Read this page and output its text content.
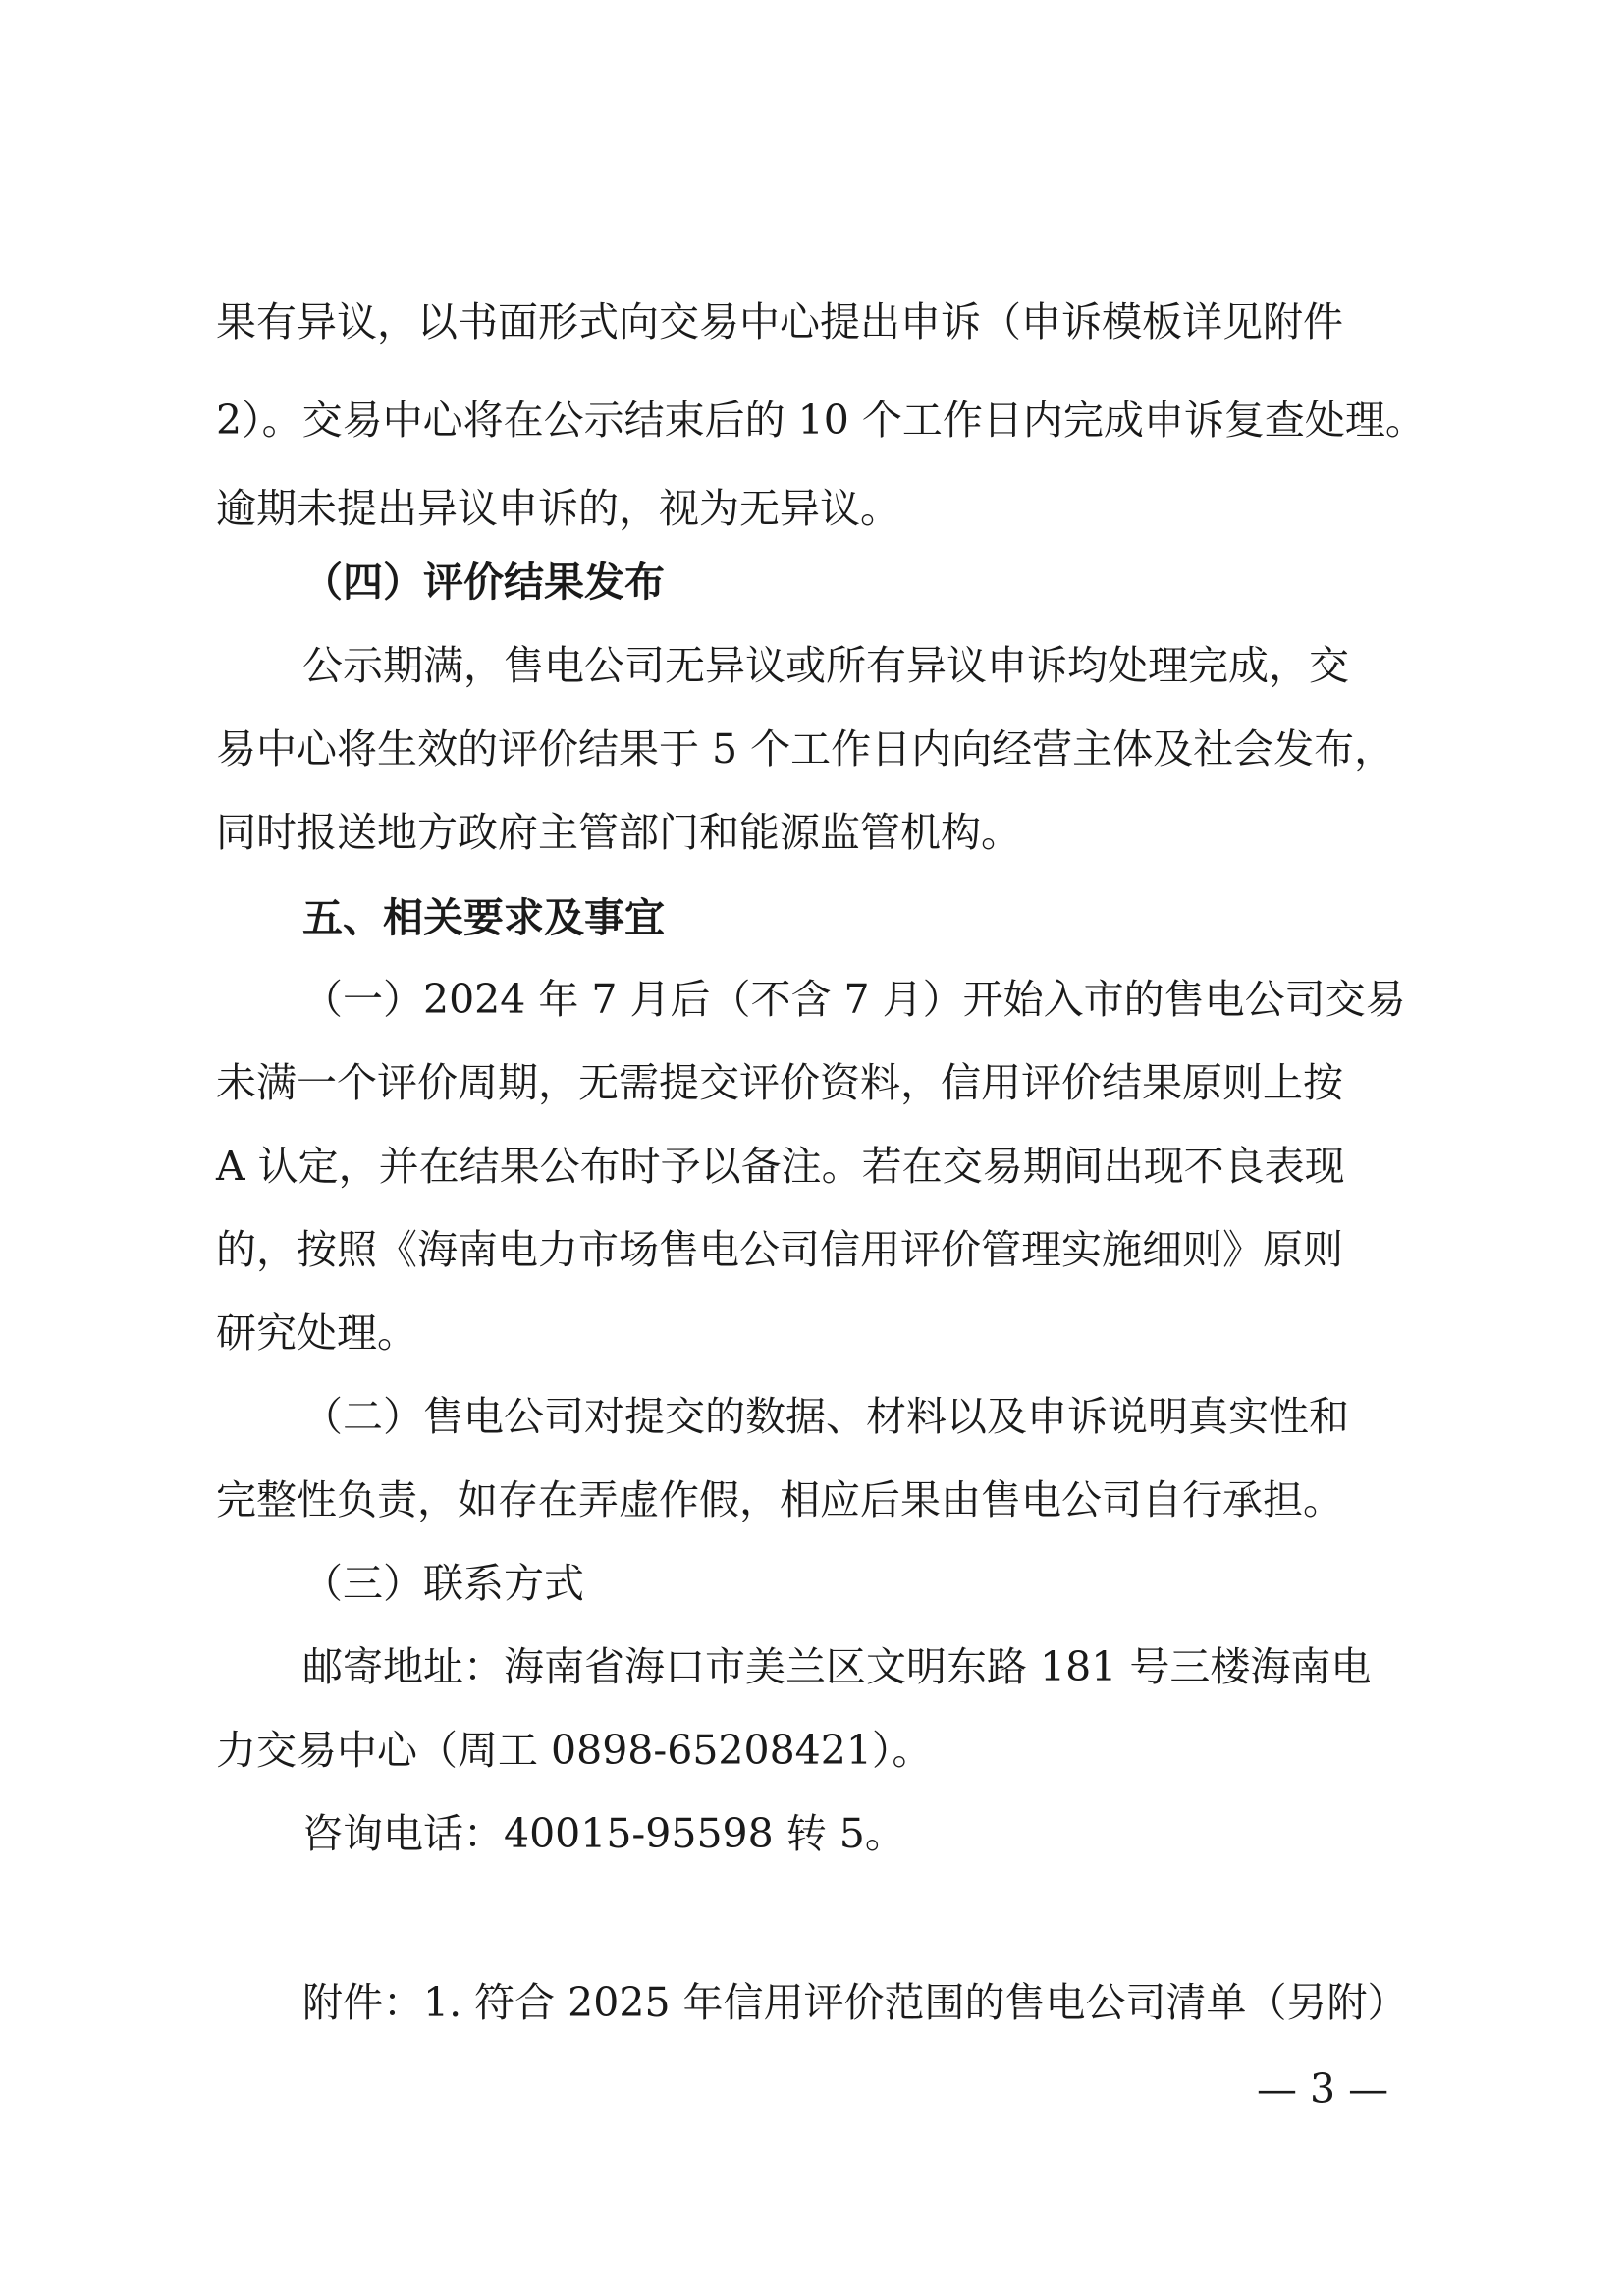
果有异议，以书面形式向交易中心提出申诉（申诉模板详见附件
2）。交易中心将在公示结束后的 10 个工作日内完成申诉复查处理。
逾期未提出异议申诉的，视为无异议。
（四）评价结果发布
公示期满，售电公司无异议或所有异议申诉均处理完成，交
易中心将生效的评价结果于 5 个工作日内向经营主体及社会发布，
同时报送地方政府主管部门和能源监管机构。
五、相关要求及事宜
（一）2024 年 7 月后（不含 7 月）开始入市的售电公司交易
未满一个评价周期，无需提交评价资料，信用评价结果原则上按
A 认定，并在结果公布时予以备注。若在交易期间出现不良表现
的，按照《海南电力市场售电公司信用评价管理实施细则》原则
研究处理。
（二）售电公司对提交的数据、材料以及申诉说明真实性和
完整性负责，如存在弄虚作假，相应后果由售电公司自行承担。
（三）联系方式
邮寄地址：海南省海口市美兰区文明东路 181 号三楼海南电
力交易中心（周工 0898-65208421）。
咨询电话：40015-95598 转 5。
附件：1. 符合 2025 年信用评价范围的售电公司清单（另附）
— 3 —
